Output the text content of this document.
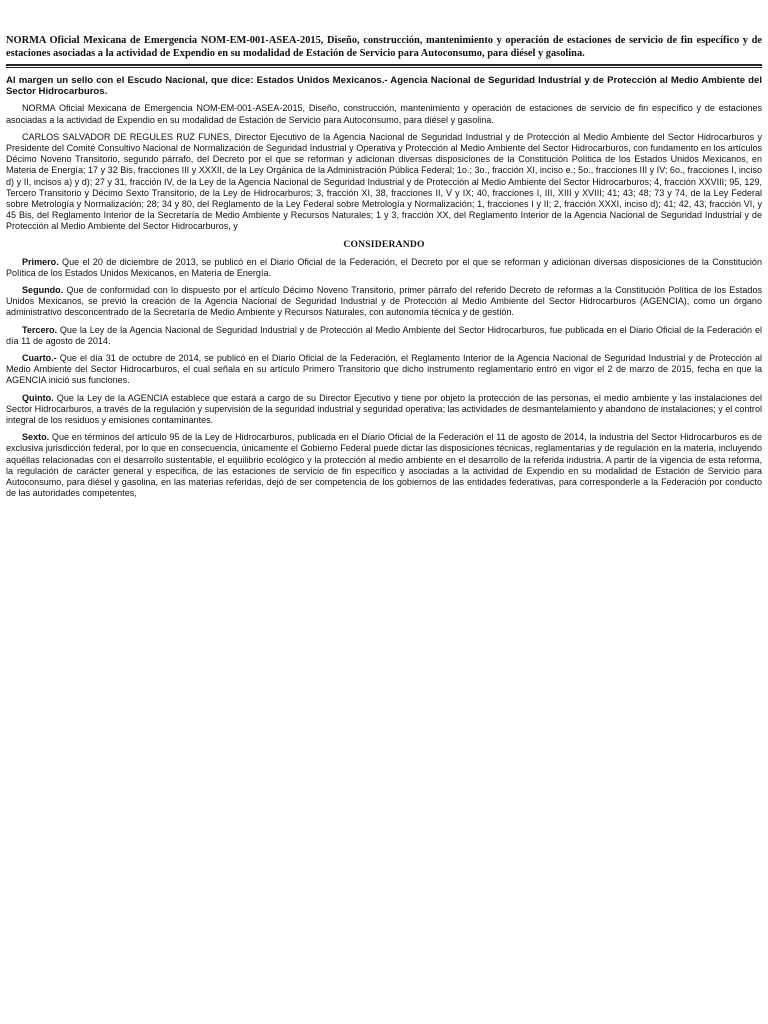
NORMA Oficial Mexicana de Emergencia NOM-EM-001-ASEA-2015, Diseño, construcción, mantenimiento y operación de estaciones de servicio de fin específico y de estaciones asociadas a la actividad de Expendio en su modalidad de Estación de Servicio para Autoconsumo, para diésel y gasolina.

Al margen un sello con el Escudo Nacional, que dice: Estados Unidos Mexicanos.- Agencia Nacional de Seguridad Industrial y de Protección al Medio Ambiente del Sector Hidrocarburos.

NORMA Oficial Mexicana de Emergencia NOM-EM-001-ASEA-2015, Diseño, construcción, mantenimiento y operación de estaciones de servicio de fin específico y de estaciones asociadas a la actividad de Expendio en su modalidad de Estación de Servicio para Autoconsumo, para diésel y gasolina.

CARLOS SALVADOR DE REGULES RUZ FUNES, Director Ejecutivo de la Agencia Nacional de Seguridad Industrial y de Protección al Medio Ambiente del Sector Hidrocarburos y Presidente del Comité Consultivo Nacional de Normalización de Seguridad Industrial y Operativa y Protección al Medio Ambiente del Sector Hidrocarburos, con fundamento en los artículos Décimo Noveno Transitorio, segundo párrafo, del Decreto por el que se reforman y adicionan diversas disposiciones de la Constitución Política de los Estados Unidos Mexicanos, en Materia de Energía; 17 y 32 Bis, fracciones III y XXXII, de la Ley Orgánica de la Administración Pública Federal; 1o.; 3o., fracción XI, inciso e.; 5o., fracciones III y IV; 6o., fracciones I, inciso d) y II, incisos a) y d); 27 y 31, fracción IV, de la Ley de la Agencia Nacional de Seguridad Industrial y de Protección al Medio Ambiente del Sector Hidrocarburos; 4, fracción XXVIII; 95, 129, Tercero Transitorio y Décimo Sexto Transitorio, de la Ley de Hidrocarburos; 3, fracción XI, 38, fracciones II, V y IX; 40, fracciones I, III, XIII y XVIII; 41; 43; 48; 73 y 74, de la Ley Federal sobre Metrología y Normalización; 28; 34 y 80, del Reglamento de la Ley Federal sobre Metrología y Normalización; 1, fracciones I y II; 2, fracción XXXI, inciso d); 41; 42, 43, fracción VI, y 45 Bis, del Reglamento Interior de la Secretaría de Medio Ambiente y Recursos Naturales; 1 y 3, fracción XX, del Reglamento Interior de la Agencia Nacional de Seguridad Industrial y de Protección al Medio Ambiente del Sector Hidrocarburos, y

CONSIDERANDO

Primero. Que el 20 de diciembre de 2013, se publicó en el Diario Oficial de la Federación, el Decreto por el que se reforman y adicionan diversas disposiciones de la Constitución Política de los Estados Unidos Mexicanos, en Materia de Energía.

Segundo. Que de conformidad con lo dispuesto por el artículo Décimo Noveno Transitorio, primer párrafo del referido Decreto de reformas a la Constitución Política de los Estados Unidos Mexicanos, se previó la creación de la Agencia Nacional de Seguridad Industrial y de Protección al Medio Ambiente del Sector Hidrocarburos (AGENCIA), como un órgano administrativo desconcentrado de la Secretaría de Medio Ambiente y Recursos Naturales, con autonomía técnica y de gestión.

Tercero. Que la Ley de la Agencia Nacional de Seguridad Industrial y de Protección al Medio Ambiente del Sector Hidrocarburos, fue publicada en el Diario Oficial de la Federación el día 11 de agosto de 2014.

Cuarto.- Que el día 31 de octubre de 2014, se publicó en el Diario Oficial de la Federación, el Reglamento Interior de la Agencia Nacional de Seguridad Industrial y de Protección al Medio Ambiente del Sector Hidrocarburos, el cual señala en su artículo Primero Transitorio que dicho instrumento reglamentario entró en vigor el 2 de marzo de 2015, fecha en que la AGENCIA inició sus funciones.

Quinto. Que la Ley de la AGENCIA establece que estará a cargo de su Director Ejecutivo y tiene por objeto la protección de las personas, el medio ambiente y las instalaciones del Sector Hidrocarburos, a través de la regulación y supervisión de la seguridad industrial y seguridad operativa; las actividades de desmantelamiento y abandono de instalaciones; y el control integral de los residuos y emisiones contaminantes.

Sexto. Que en términos del artículo 95 de la Ley de Hidrocarburos, publicada en el Diario Oficial de la Federación el 11 de agosto de 2014, la industria del Sector Hidrocarburos es de exclusiva jurisdicción federal, por lo que en consecuencia, únicamente el Gobierno Federal puede dictar las disposiciones técnicas, reglamentarias y de regulación en la materia, incluyendo aquéllas relacionadas con el desarrollo sustentable, el equilibrio ecológico y la protección al medio ambiente en el desarrollo de la referida industria. A partir de la vigencia de esta reforma, la regulación de carácter general y específica, de las estaciones de servicio de fin específico y asociadas a la actividad de Expendio en su modalidad de Estación de Servicio para Autoconsumo, para diésel y gasolina, en las materias referidas, dejó de ser competencia de los gobiernos de las entidades federativas, para corresponderle a la Federación por conducto de las autoridades competentes,
